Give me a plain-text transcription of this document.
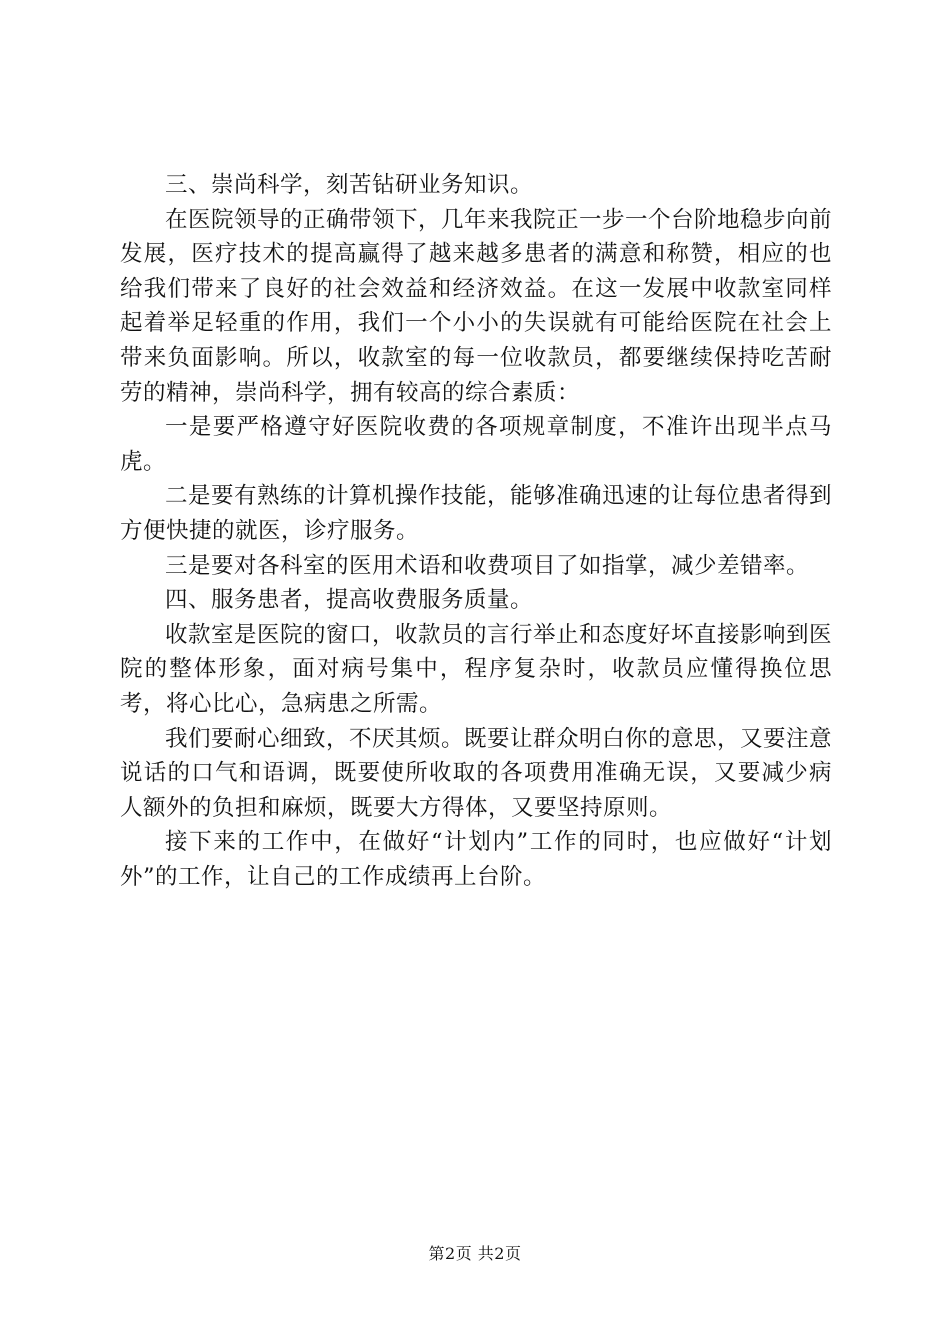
三、崇尚科学，刻苦钻研业务知识。

在医院领导的正确带领下，几年来我院正一步一个台阶地稳步向前发展，医疗技术的提高赢得了越来越多患者的满意和称赞，相应的也给我们带来了良好的社会效益和经济效益。在这一发展中收款室同样起着举足轻重的作用，我们一个小小的失误就有可能给医院在社会上带来负面影响。所以，收款室的每一位收款员，都要继续保持吃苦耐劳的精神，崇尚科学，拥有较高的综合素质：

一是要严格遵守好医院收费的各项规章制度，不准许出现半点马虎。

二是要有熟练的计算机操作技能，能够准确迅速的让每位患者得到方便快捷的就医，诊疗服务。

三是要对各科室的医用术语和收费项目了如指掌，减少差错率。

四、服务患者，提高收费服务质量。

收款室是医院的窗口，收款员的言行举止和态度好坏直接影响到医院的整体形象，面对病号集中，程序复杂时，收款员应懂得换位思考，将心比心，急病患之所需。

我们要耐心细致，不厌其烦。既要让群众明白你的意思，又要注意说话的口气和语调，既要使所收取的各项费用准确无误，又要减少病人额外的负担和麻烦，既要大方得体，又要坚持原则。

接下来的工作中，在做好“计划内”工作的同时，也应做好“计划外”的工作，让自己的工作成绩再上台阶。

第2页 共2页
